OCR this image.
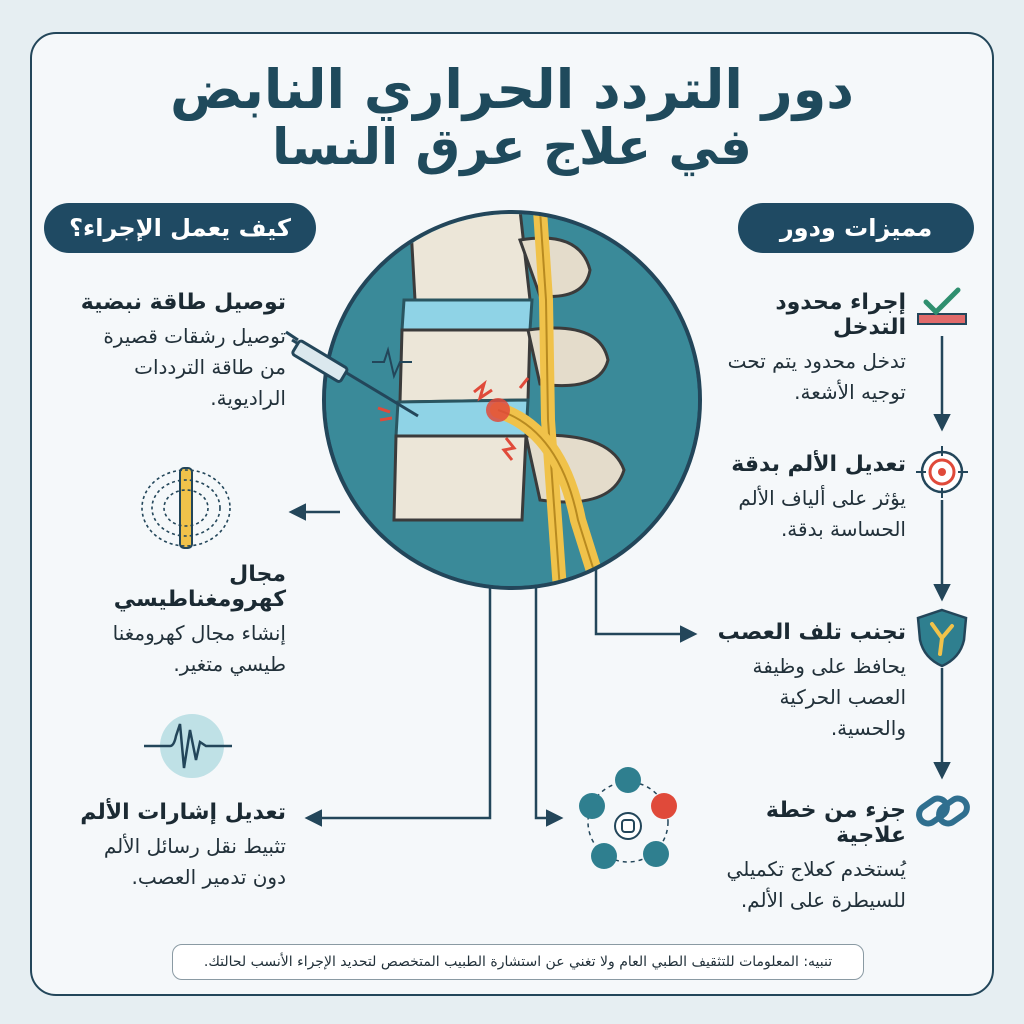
دور التردد الحراري النابض
في علاج عرق النسا
مميزات ودور
كيف يعمل الإجراء؟
إجراء محدود التدخل

تدخل محدود يتم تحت توجيه الأشعة.

تعديل الألم بدقة

يؤثر على ألياف الألم الحساسة بدقة.

تجنب تلف العصب

يحافظ على وظيفة العصب الحركية والحسية.

جزء من خطة علاجية

يُستخدم كعلاج تكميلي للسيطرة على الألم.

توصيل طاقة نبضية

توصيل رشقات قصيرة من طاقة الترددات الراديوية.

مجال كهرومغناطيسي

إنشاء مجال كهرومغنا طيسي متغير.

تعديل إشارات الألم

تثبيط نقل رسائل الألم دون تدمير العصب.

تنبيه: المعلومات للتثقيف الطبي العام ولا تغني عن استشارة الطبيب المتخصص لتحديد الإجراء الأنسب لحالتك.
